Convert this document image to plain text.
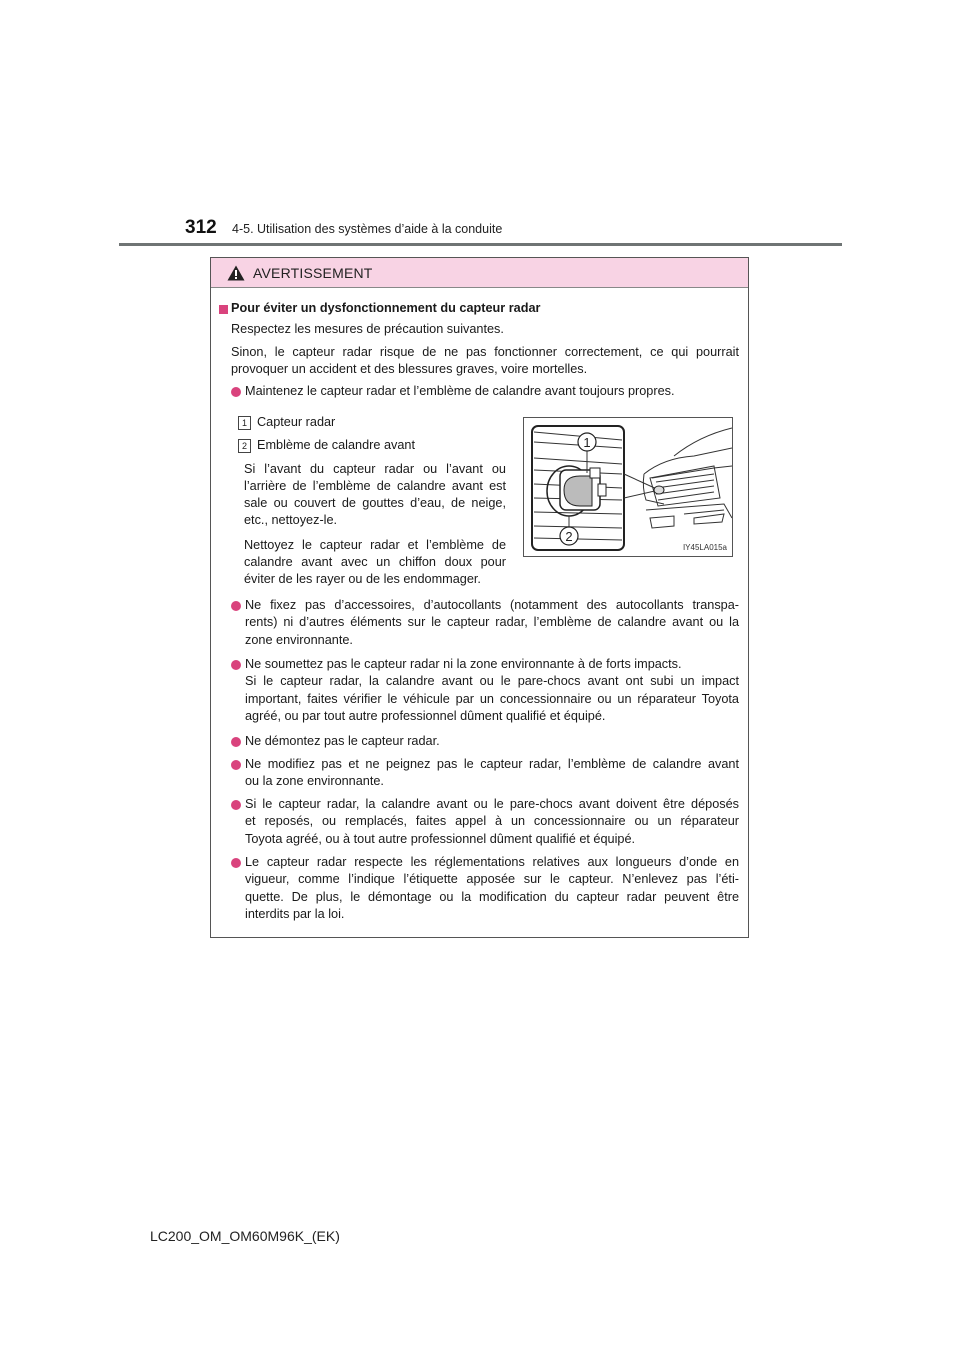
312 4-5. Utilisation des systèmes d’aide à la conduite
AVERTISSEMENT
Pour éviter un dysfonctionnement du capteur radar
Respectez les mesures de précaution suivantes.
Sinon, le capteur radar risque de ne pas fonctionner correctement, ce qui pourrait
provoquer un accident et des blessures graves, voire mortelles.
Maintenez le capteur radar et l’emblème de calandre avant toujours propres.
1 Capteur radar
2 Emblème de calandre avant
Si l’avant du capteur radar ou l’avant ou
l’arrière de l’emblème de calandre avant est
sale ou couvert de gouttes d’eau, de neige,
etc., nettoyez-le.
Nettoyez le capteur radar et l’emblème de
calandre avant avec un chiffon doux pour
éviter de les rayer ou de les endommager.
1
2
IY45LA015a
Ne fixez pas d’accessoires, d’autocollants (notamment des autocollants transpa-
rents) ni d’autres éléments sur le capteur radar, l’emblème de calandre avant ou la
zone environnante.
Ne soumettez pas le capteur radar ni la zone environnante à de forts impacts.
Si le capteur radar, la calandre avant ou le pare-chocs avant ont subi un impact
important, faites vérifier le véhicule par un concessionnaire ou un réparateur Toyota
agréé, ou par tout autre professionnel dûment qualifié et équipé.
Ne démontez pas le capteur radar.
Ne modifiez pas et ne peignez pas le capteur radar, l’emblème de calandre avant
ou la zone environnante.
Si le capteur radar, la calandre avant ou le pare-chocs avant doivent être déposés
et reposés, ou remplacés, faites appel à un concessionnaire ou un réparateur
Toyota agréé, ou à tout autre professionnel dûment qualifié et équipé.
Le capteur radar respecte les réglementations relatives aux longueurs d’onde en
vigueur, comme l’indique l’étiquette apposée sur le capteur. N’enlevez pas l’éti-
quette. De plus, le démontage ou la modification du capteur radar peuvent être
interdits par la loi.
LC200_OM_OM60M96K_(EK)
